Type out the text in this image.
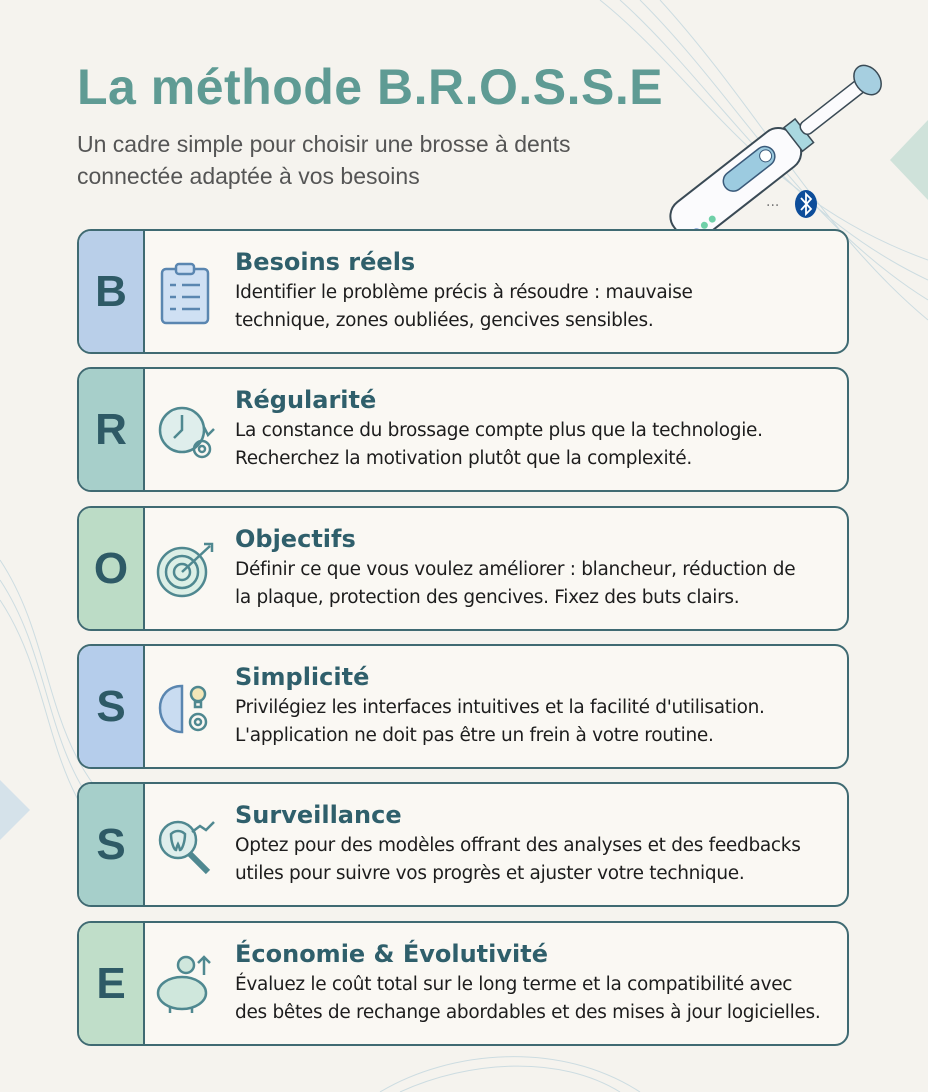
La méthode B.R.O.S.S.E
Un cadre simple pour choisir une brosse à dents connectée adaptée à vos besoins
···
B
Besoins réels
Identifier le problème précis à résoudre : mauvaise
technique, zones oubliées, gencives sensibles.
R
Régularité
La constance du brossage compte plus que la technologie.
Recherchez la motivation plutôt que la complexité.
O
Objectifs
Définir ce que vous voulez améliorer : blancheur, réduction de
la plaque, protection des gencives. Fixez des buts clairs.
S
Simplicité
Privilégiez les interfaces intuitives et la facilité d'utilisation.
L'application ne doit pas être un frein à votre routine.
S
Surveillance
Optez pour des modèles offrant des analyses et des feedbacks
utiles pour suivre vos progrès et ajuster votre technique.
E
Économie & Évolutivité
Évaluez le coût total sur le long terme et la compatibilité avec
des bêtes de rechange abordables et des mises à jour logicielles.
